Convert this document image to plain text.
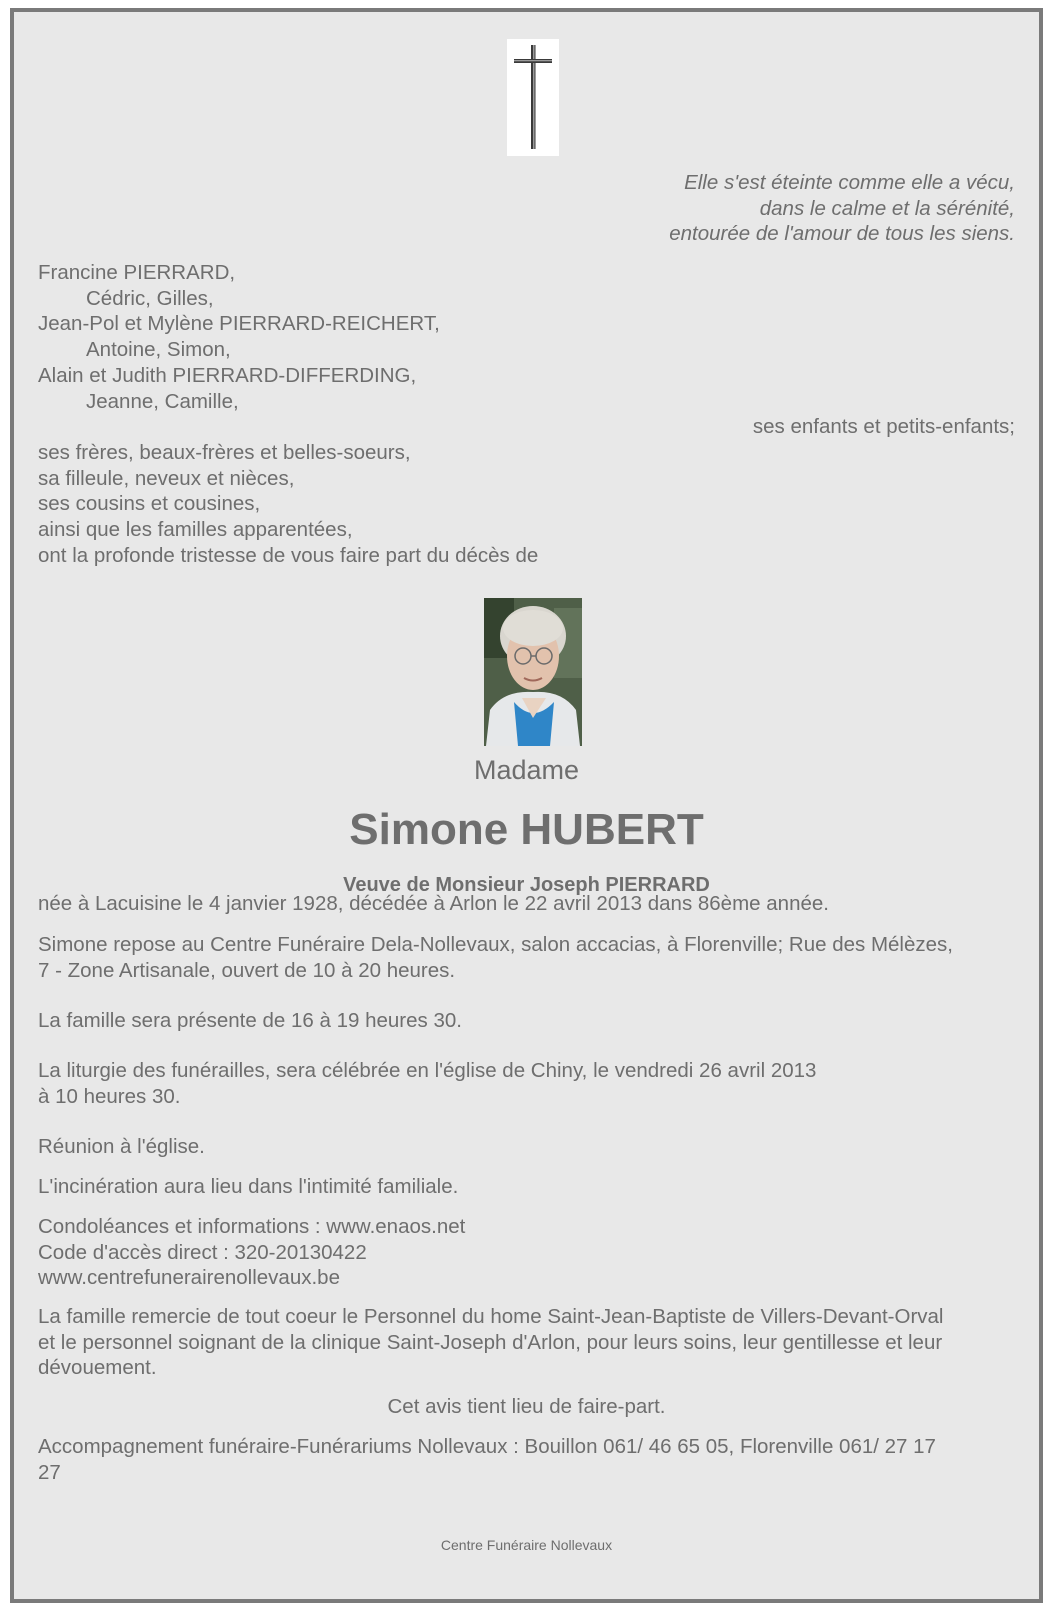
Elle s'est éteinte comme elle a vécu,
dans le calme et la sérénité,
entourée de l'amour de tous les siens.
Francine PIERRARD,
Cédric, Gilles,
Jean-Pol et Mylène PIERRARD-REICHERT,
Antoine, Simon,
Alain et Judith PIERRARD-DIFFERDING,
Jeanne, Camille,
ses enfants et petits-enfants;
ses frères, beaux-frères et belles-soeurs,
sa filleule, neveux et nièces,
ses cousins et cousines,
ainsi que les familles apparentées,
ont la profonde tristesse de vous faire part du décès de
Madame
Simone HUBERT
Veuve de Monsieur Joseph PIERRARD
née à Lacuisine le 4 janvier 1928, décédée à Arlon le 22 avril 2013 dans 86ème année.
Simone repose au Centre Funéraire Dela-Nollevaux, salon accacias, à Florenville; Rue des Mélèzes,
7 - Zone Artisanale, ouvert de 10 à 20 heures.
La famille sera présente de 16 à 19 heures 30.
La liturgie des funérailles, sera célébrée en l'église de Chiny, le vendredi 26 avril 2013
à 10 heures 30.
Réunion à l'église.
L'incinération aura lieu dans l'intimité familiale.
Condoléances et informations : www.enaos.net
Code d'accès direct : 320-20130422
www.centrefunerairenollevaux.be
La famille remercie de tout coeur le Personnel du home Saint-Jean-Baptiste de Villers-Devant-Orval
et le personnel soignant de la clinique Saint-Joseph d'Arlon, pour leurs soins, leur gentillesse et leur
dévouement.
Cet avis tient lieu de faire-part.
Accompagnement funéraire-Funérariums Nollevaux : Bouillon 061/ 46 65 05, Florenville 061/ 27 17
27
Centre Funéraire Nollevaux
